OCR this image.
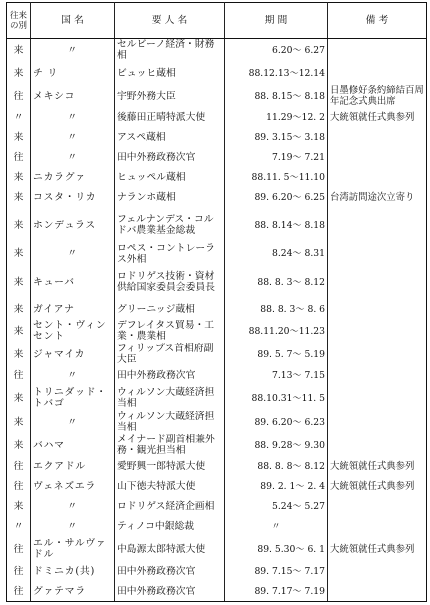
往来の別	国 名	要 人 名	期 間	備 考
来	〃	セルビーノ経済・財務相	6.20～ 6.27	
来	チ リ	ビュッヒ蔵相	88.12.13～12.14	
往	メキシコ	宇野外務大臣	88. 8.15～ 8.18	日墨修好条約締結百周年記念式典出席
〃	〃	後藤田正晴特派大使	11.29～12. 2	大統領就任式典参列
来	〃	アスペ蔵相	89. 3.15～ 3.18	
往	〃	田中外務政務次官	7.19～ 7.21	
来	ニカラグァ	ヒュッペル蔵相	88.11. 5～11.10	
来	コスタ・リカ	ナランホ蔵相	89. 6.20～ 6.25	台湾訪問途次立寄り
来	ホンデュラス	フェルナンデス・コルドバ農業基金総裁	88. 8.14～ 8.18	
来	〃	ロペス・コントレーラス外相	8.24～ 8.31	
来	キューバ	ロドリゲス技術・資材供給国家委員会委員長	88. 8. 3～ 8.12	
来	ガイアナ	グリーニッジ蔵相	88. 8. 3～ 8. 6	
来	セント・ヴィンセント	デフレイタス貿易・工業・農業相	88.11.20～11.23	
来	ジャマイカ	フィリップス首相府副大臣	89. 5. 7～ 5.19	
往	〃	田中外務政務次官	7.13～ 7.15	
来	トリニダッド・トバゴ	ウィルソン大蔵経済担当相	88.10.31～11. 5	
来	〃	ウィルソン大蔵経済担当相	89. 6.20～ 6.23	
来	バハマ	メイナード副首相兼外務・観光担当相	88. 9.28～ 9.30	
往	エクアドル	愛野興一郎特派大使	88. 8. 8～ 8.12	大統領就任式典参列
往	ヴェネズエラ	山下徳夫特派大使	89. 2. 1～ 2. 4	大統領就任式典参列
来	〃	ロドリゲス経済企画相	5.24～ 5.27	
〃	〃	ティノコ中銀総裁	〃	
往	エル・サルヴァドル	中島源太郎特派大使	89. 5.30～ 6. 1	大統領就任式典参列
往	ドミニカ(共)	田中外務政務次官	89. 7.15～ 7.17	
往	グァテマラ	田中外務政務次官	89. 7.17～ 7.19	
